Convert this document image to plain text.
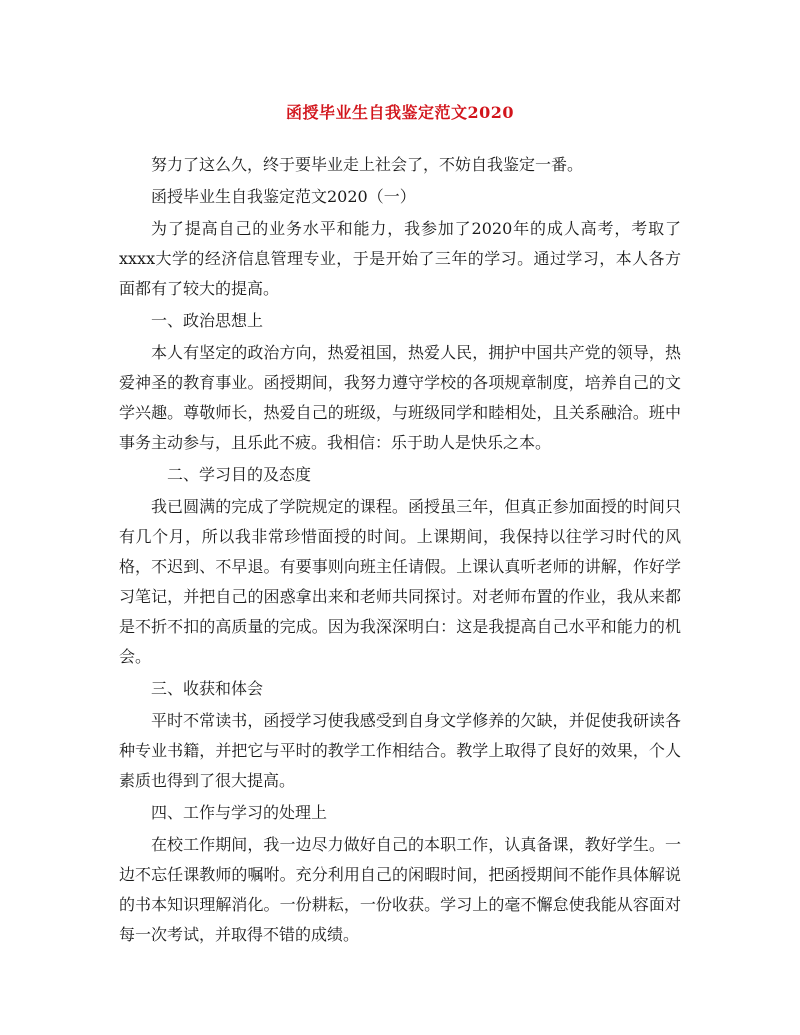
函授毕业生自我鉴定范文2020

努力了这么久，终于要毕业走上社会了，不妨自我鉴定一番。

函授毕业生自我鉴定范文2020（一）

为了提高自己的业务水平和能力，我参加了2020年的成人高考，考取了xxxx大学的经济信息管理专业，于是开始了三年的学习。通过学习，本人各方面都有了较大的提高。

一、政治思想上

本人有坚定的政治方向，热爱祖国，热爱人民，拥护中国共产党的领导，热爱神圣的教育事业。函授期间，我努力遵守学校的各项规章制度，培养自己的文学兴趣。尊敬师长，热爱自己的班级，与班级同学和睦相处，且关系融洽。班中事务主动参与，且乐此不疲。我相信：乐于助人是快乐之本。

二、学习目的及态度

我已圆满的完成了学院规定的课程。函授虽三年，但真正参加面授的时间只有几个月，所以我非常珍惜面授的时间。上课期间，我保持以往学习时代的风格，不迟到、不早退。有要事则向班主任请假。上课认真听老师的讲解，作好学习笔记，并把自己的困惑拿出来和老师共同探讨。对老师布置的作业，我从来都是不折不扣的高质量的完成。因为我深深明白：这是我提高自己水平和能力的机会。

三、收获和体会

平时不常读书，函授学习使我感受到自身文学修养的欠缺，并促使我研读各种专业书籍，并把它与平时的教学工作相结合。教学上取得了良好的效果，个人素质也得到了很大提高。

四、工作与学习的处理上

在校工作期间，我一边尽力做好自己的本职工作，认真备课，教好学生。一边不忘任课教师的嘱咐。充分利用自己的闲暇时间，把函授期间不能作具体解说的书本知识理解消化。一份耕耘，一份收获。学习上的毫不懈怠使我能从容面对每一次考试，并取得不错的成绩。
